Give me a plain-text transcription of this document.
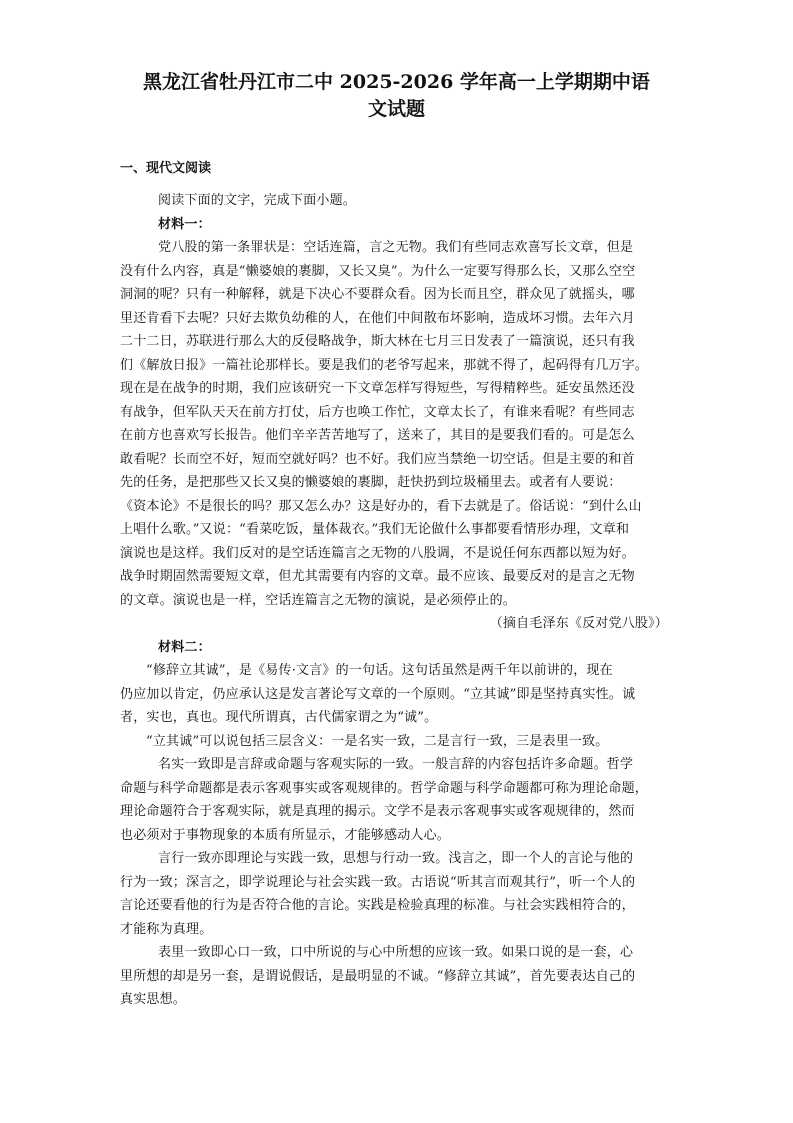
黑龙江省牡丹江市二中 2025-2026 学年高一上学期期中语
文试题
一、现代文阅读
阅读下面的文字，完成下面小题。
材料一：
党八股的第一条罪状是：空话连篇，言之无物。我们有些同志欢喜写长文章，但是
没有什么内容，真是“懒婆娘的裹脚，又长又臭”。为什么一定要写得那么长，又那么空空
洞洞的呢？只有一种解释，就是下决心不要群众看。因为长而且空，群众见了就摇头，哪
里还肯看下去呢？只好去欺负幼稚的人，在他们中间散布坏影响，造成坏习惯。去年六月
二十二日，苏联进行那么大的反侵略战争，斯大林在七月三日发表了一篇演说，还只有我
们《解放日报》一篇社论那样长。要是我们的老爷写起来，那就不得了，起码得有几万字。
现在是在战争的时期，我们应该研究一下文章怎样写得短些，写得精粹些。延安虽然还没
有战争，但军队天天在前方打仗，后方也唤工作忙，文章太长了，有谁来看呢？有些同志
在前方也喜欢写长报告。他们辛辛苦苦地写了，送来了，其目的是要我们看的。可是怎么
敢看呢？长而空不好，短而空就好吗？也不好。我们应当禁绝一切空话。但是主要的和首
先的任务，是把那些又长又臭的懒婆娘的裹脚，赶快扔到垃圾桶里去。或者有人要说：
《资本论》不是很长的吗？那又怎么办？这是好办的，看下去就是了。俗话说：“到什么山
上唱什么歌。”又说：“看菜吃饭，量体裁衣。”我们无论做什么事都要看情形办理，文章和
演说也是这样。我们反对的是空话连篇言之无物的八股调，不是说任何东西都以短为好。
战争时期固然需要短文章，但尤其需要有内容的文章。最不应该、最要反对的是言之无物
的文章。演说也是一样，空话连篇言之无物的演说，是必须停止的。
（摘自毛泽东《反对党八股》）
材料二：
“修辞立其诚”，是《易传·文言》的一句话。这句话虽然是两千年以前讲的，现在
仍应加以肯定，仍应承认这是发言著论写文章的一个原则。“立其诚”即是坚持真实性。诚
者，实也，真也。现代所谓真，古代儒家谓之为“诚”。
“立其诚”可以说包括三层含义：一是名实一致，二是言行一致，三是表里一致。
名实一致即是言辞或命题与客观实际的一致。一般言辞的内容包括许多命题。哲学
命题与科学命题都是表示客观事实或客观规律的。哲学命题与科学命题都可称为理论命题，
理论命题符合于客观实际，就是真理的揭示。文学不是表示客观事实或客观规律的，然而
也必须对于事物现象的本质有所显示，才能够感动人心。
言行一致亦即理论与实践一致，思想与行动一致。浅言之，即一个人的言论与他的
行为一致；深言之，即学说理论与社会实践一致。古语说“听其言而观其行”，听一个人的
言论还要看他的行为是否符合他的言论。实践是检验真理的标准。与社会实践相符合的，
才能称为真理。
表里一致即心口一致，口中所说的与心中所想的应该一致。如果口说的是一套，心
里所想的却是另一套，是谓说假话，是最明显的不诚。“修辞立其诚”，首先要表达自己的
真实思想。
